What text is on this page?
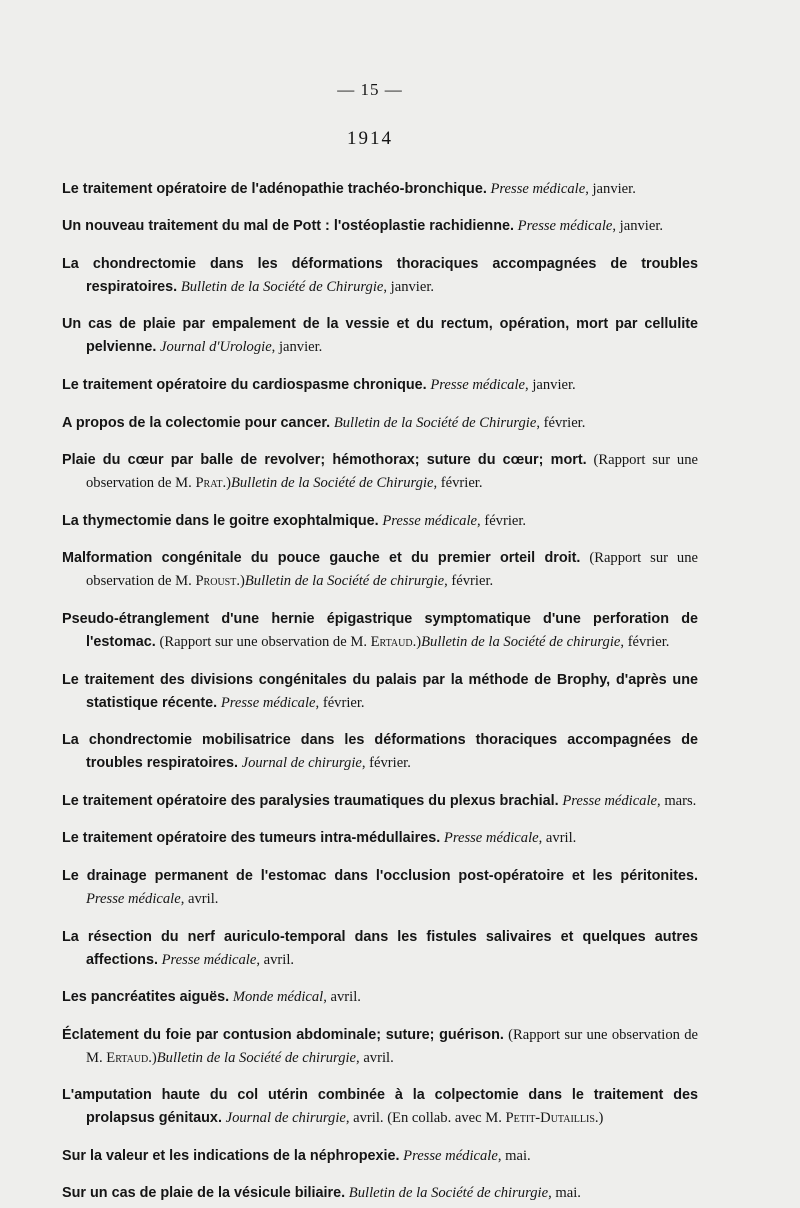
— 15 —
1914

Le traitement opératoire de l'adénopathie trachéo-bronchique. Presse médicale, janvier.

Un nouveau traitement du mal de Pott : l'ostéoplastie rachidienne. Presse médicale, janvier.

La chondrectomie dans les déformations thoraciques accompagnées de troubles respiratoires. Bulletin de la Société de Chirurgie, janvier.

Un cas de plaie par empalement de la vessie et du rectum, opération, mort par cellulite pelvienne. Journal d'Urologie, janvier.

Le traitement opératoire du cardiospasme chronique. Presse médicale, janvier.

A propos de la colectomie pour cancer. Bulletin de la Société de Chirurgie, février.

Plaie du cœur par balle de revolver; hémothorax; suture du cœur; mort. (Rapport sur une observation de M. Prat.)Bulletin de la Société de Chirurgie, février.

La thymectomie dans le goitre exophtalmique. Presse médicale, février.

Malformation congénitale du pouce gauche et du premier orteil droit. (Rapport sur une observation de M. Proust.)Bulletin de la Société de chirurgie, février.

Pseudo-étranglement d'une hernie épigastrique symptomatique d'une perforation de l'estomac. (Rapport sur une observation de M. Ertaud.)Bulletin de la Société de chirurgie, février.

Le traitement des divisions congénitales du palais par la méthode de Brophy, d'après une statistique récente. Presse médicale, février.

La chondrectomie mobilisatrice dans les déformations thoraciques accompagnées de troubles respiratoires. Journal de chirurgie, février.

Le traitement opératoire des paralysies traumatiques du plexus brachial. Presse médicale, mars.

Le traitement opératoire des tumeurs intra-médullaires. Presse médicale, avril.

Le drainage permanent de l'estomac dans l'occlusion post-opératoire et les péritonites. Presse médicale, avril.

La résection du nerf auriculo-temporal dans les fistules salivaires et quelques autres affections. Presse médicale, avril.

Les pancréatites aiguës. Monde médical, avril.

Éclatement du foie par contusion abdominale; suture; guérison. (Rapport sur une observation de M. Ertaud.)Bulletin de la Société de chirurgie, avril.

L'amputation haute du col utérin combinée à la colpectomie dans le traitement des prolapsus génitaux. Journal de chirurgie, avril. (En collab. avec M. Petit-Dutaillis.)

Sur la valeur et les indications de la néphropexie. Presse médicale, mai.

Sur un cas de plaie de la vésicule biliaire. Bulletin de la Société de chirurgie, mai.
